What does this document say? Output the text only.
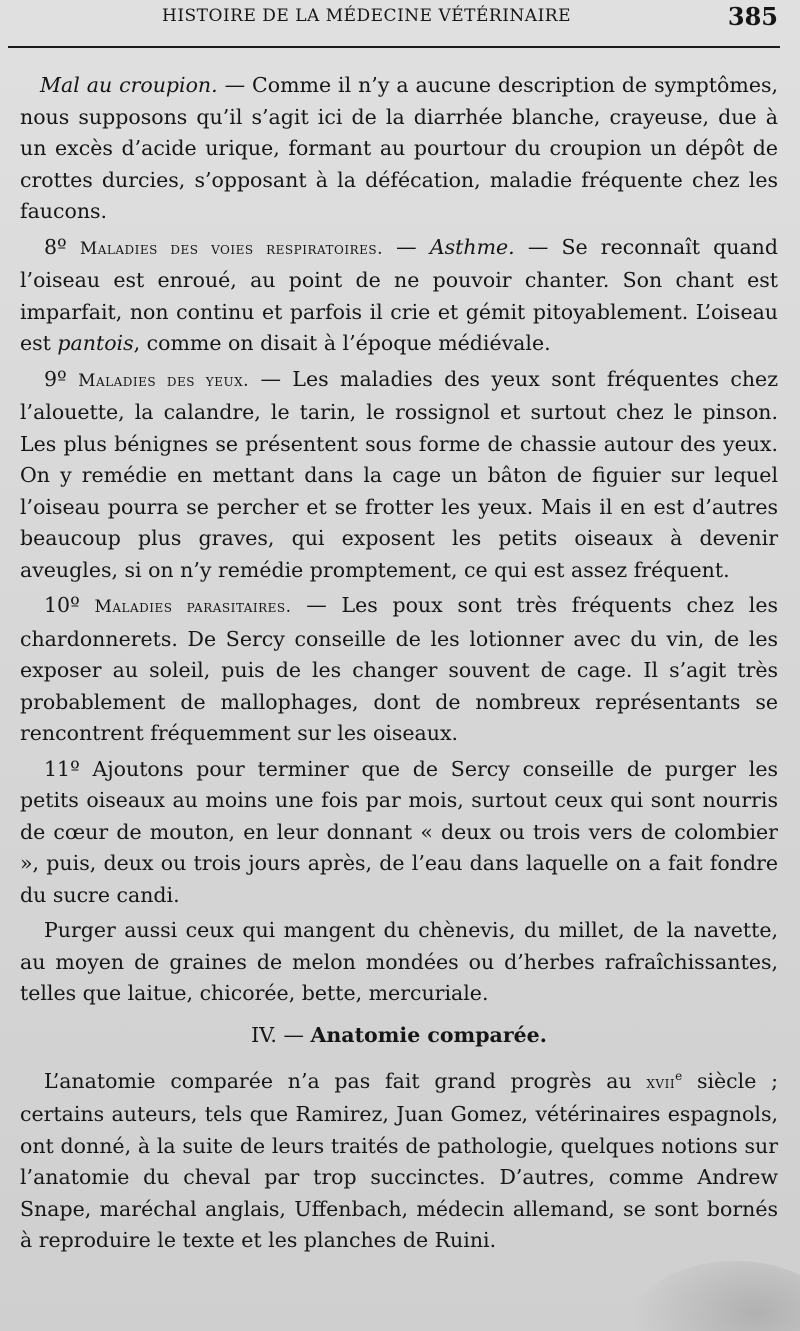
HISTOIRE DE LA MÉDECINE VÉTÉRINAIRE	385

Mal au croupion. — Comme il n’y a aucune description de symptômes, nous supposons qu’il s’agit ici de la diarrhée blanche, crayeuse, due à un excès d’acide urique, formant au pourtour du croupion un dépôt de crottes durcies, s’opposant à la défécation, maladie fréquente chez les faucons.

8º Maladies des voies respiratoires. — Asthme. — Se reconnaît quand l’oiseau est enroué, au point de ne pouvoir chanter. Son chant est imparfait, non continu et parfois il crie et gémit pitoyablement. L’oiseau est pantois, comme on disait à l’époque médiévale.

9º Maladies des yeux. — Les maladies des yeux sont fréquentes chez l’alouette, la calandre, le tarin, le rossignol et surtout chez le pinson. Les plus bénignes se présentent sous forme de chassie autour des yeux. On y remédie en mettant dans la cage un bâton de figuier sur lequel l’oiseau pourra se percher et se frotter les yeux. Mais il en est d’autres beaucoup plus graves, qui exposent les petits oiseaux à devenir aveugles, si on n’y remédie promptement, ce qui est assez fréquent.

10º Maladies parasitaires. — Les poux sont très fréquents chez les chardonnerets. De Sercy conseille de les lotionner avec du vin, de les exposer au soleil, puis de les changer souvent de cage. Il s’agit très probablement de mallophages, dont de nombreux représentants se rencontrent fréquemment sur les oiseaux.

11º Ajoutons pour terminer que de Sercy conseille de purger les petits oiseaux au moins une fois par mois, surtout ceux qui sont nourris de cœur de mouton, en leur donnant « deux ou trois vers de colombier », puis, deux ou trois jours après, de l’eau dans laquelle on a fait fondre du sucre candi.

Purger aussi ceux qui mangent du chènevis, du millet, de la navette, au moyen de graines de melon mondées ou d’herbes rafraîchissantes, telles que laitue, chicorée, bette, mercuriale.

IV. — Anatomie comparée.

L’anatomie comparée n’a pas fait grand progrès au xvii$^e$ siècle ; certains auteurs, tels que Ramirez, Juan Gomez, vétérinaires espagnols, ont donné, à la suite de leurs traités de pathologie, quelques notions sur l’anatomie du cheval par trop succinctes. D’autres, comme Andrew Snape, maréchal anglais, Uffenbach, médecin allemand, se sont bornés à reproduire le texte et les planches de Ruini.
